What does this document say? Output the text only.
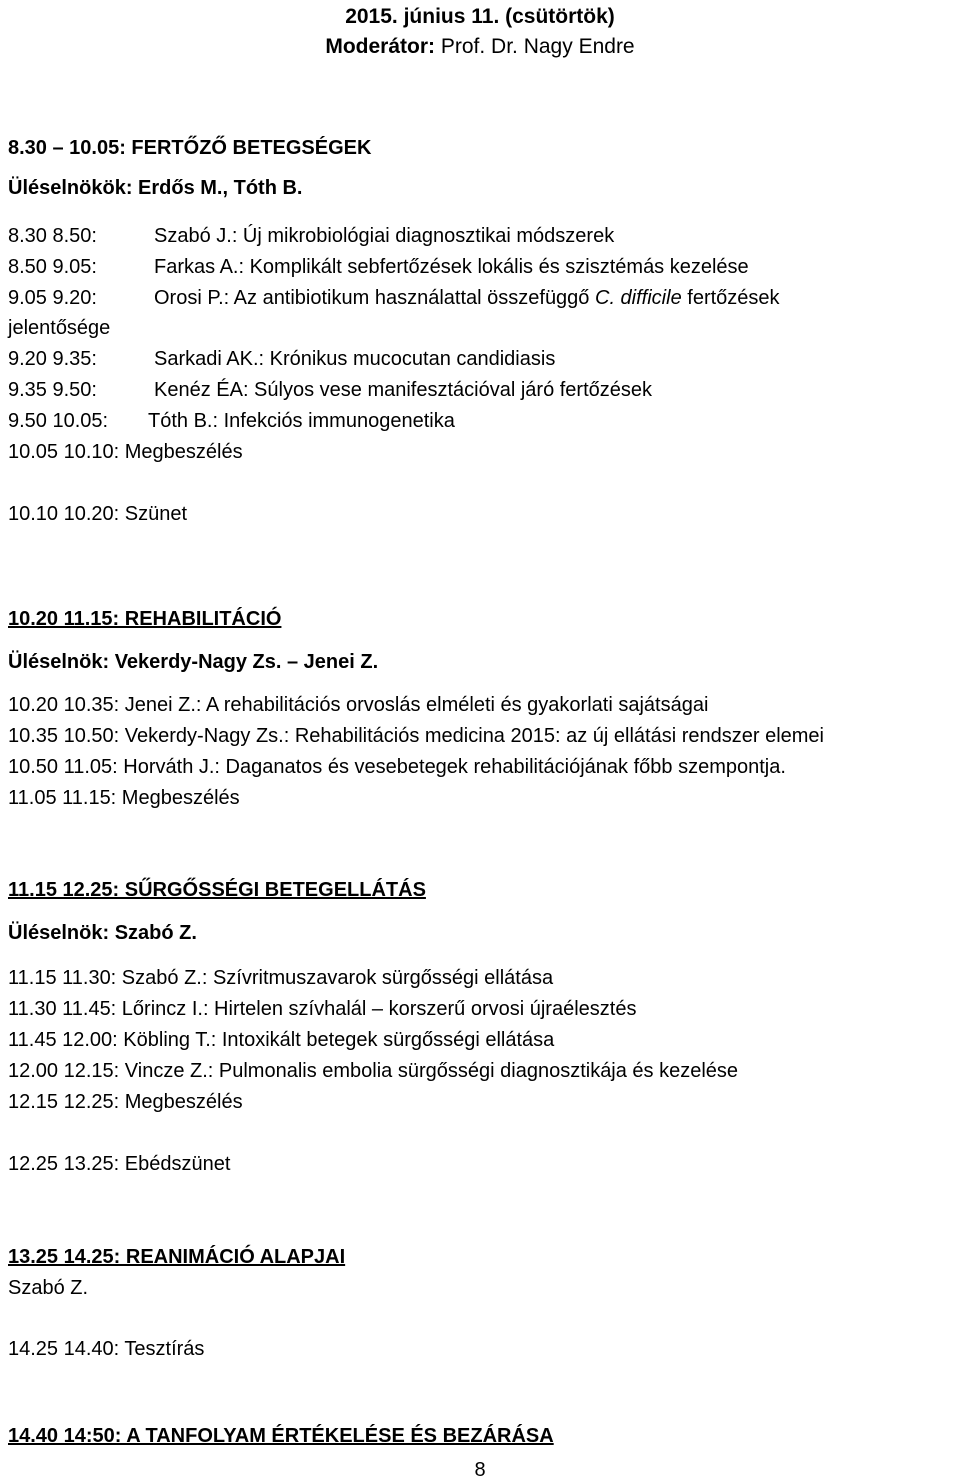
2015. június 11. (csütörtök)
Moderátor: Prof. Dr. Nagy Endre
8.30 – 10.05: FERTŐZŐ BETEGSÉGEK
Üléselnökök: Erdős M., Tóth B.
8.30 8.50:	Szabó J.: Új mikrobiológiai diagnosztikai módszerek
8.50 9.05:	Farkas A.: Komplikált sebfertőzések lokális és szisztémás kezelése
9.05 9.20:	Orosi P.: Az antibiotikum használattal összefüggő C. difficile fertőzések
jelentősége
9.20 9.35:	Sarkadi AK.: Krónikus mucocutan candidiasis
9.35 9.50:	Kenéz ÉA: Súlyos vese manifesztációval járó fertőzések
9.50 10.05: Tóth B.: Infekciós immunogenetika
10.05 10.10: Megbeszélés
10.10 10.20: Szünet
10.20 11.15: REHABILITÁCIÓ
Üléselnök: Vekerdy-Nagy Zs. – Jenei Z.
10.20 10.35: Jenei Z.: A rehabilitációs orvoslás elméleti és gyakorlati sajátságai
10.35 10.50: Vekerdy-Nagy Zs.: Rehabilitációs medicina 2015: az új ellátási rendszer elemei
10.50 11.05: Horváth J.: Daganatos és vesebetegek rehabilitációjának főbb szempontja.
11.05 11.15: Megbeszélés
11.15 12.25: SŰRGŐSSÉGI BETEGELLÁTÁS
Üléselnök: Szabó Z.
11.15 11.30: Szabó Z.: Szívritmuszavarok sürgősségi ellátása
11.30 11.45: Lőrincz I.: Hirtelen szívhalál – korszerű orvosi újraélesztés
11.45 12.00: Köbling T.: Intoxikált betegek sürgősségi ellátása
12.00 12.15: Vincze Z.: Pulmonalis embolia sürgősségi diagnosztikája és kezelése
12.15 12.25: Megbeszélés
12.25 13.25: Ebédszünet
13.25 14.25: REANIMÁCIÓ ALAPJAI
Szabó Z.
14.25 14.40: Tesztírás
14.40 14:50: A TANFOLYAM ÉRTÉKELÉSE ÉS BEZÁRÁSA
8
